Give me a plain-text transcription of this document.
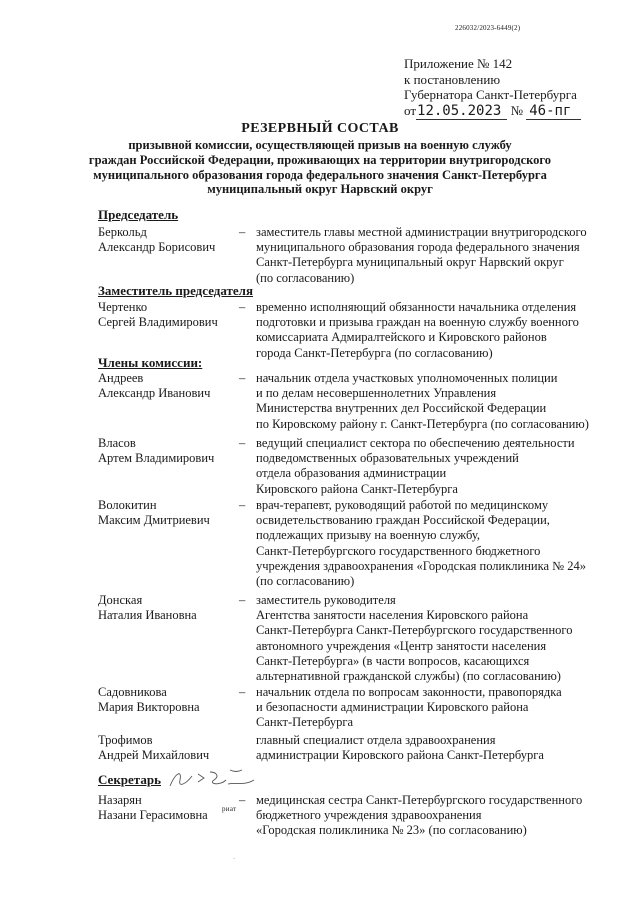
226032/2023-6449(2)
Приложение № 142
к постановлению
Губернатора Санкт-Петербурга
от12.05.2023 № 46-пг
РЕЗЕРВНЫЙ СОСТАВ
призывной комиссии, осуществляющей призыв на военную службу
граждан Российской Федерации, проживающих на территории внутригородского
муниципального образования города федерального значения Санкт-Петербурга
муниципальный округ Нарвский округ
Председатель
Беркольд
Александр Борисович
– заместитель главы местной администрации внутригородского
муниципального образования города федерального значения
Санкт-Петербурга муниципальный округ Нарвский округ
(по согласованию)
Заместитель председателя
Чертенко
Сергей Владимирович
– временно исполняющий обязанности начальника отделения
подготовки и призыва граждан на военную службу военного
комиссариата Адмиралтейского и Кировского районов
города Санкт-Петербурга (по согласованию)
Члены комиссии:
Андреев
Александр Иванович
– начальник отдела участковых уполномоченных полиции
и по делам несовершеннолетних Управления
Министерства внутренних дел Российской Федерации
по Кировскому району г. Санкт-Петербурга (по согласованию)
Власов
Артем Владимирович
– ведущий специалист сектора по обеспечению деятельности
подведомственных образовательных учреждений
отдела образования администрации
Кировского района Санкт-Петербурга
Волокитин
Максим Дмитриевич
– врач-терапевт, руководящий работой по медицинскому
освидетельствованию граждан Российской Федерации,
подлежащих призыву на военную службу,
Санкт-Петербургского государственного бюджетного
учреждения здравоохранения «Городская поликлиника № 24»
(по согласованию)
Донская
Наталия Ивановна
– заместитель руководителя
Агентства занятости населения Кировского района
Санкт-Петербурга Санкт-Петербургского государственного
автономного учреждения «Центр занятости населения
Санкт-Петербурга» (в части вопросов, касающихся
альтернативной гражданской службы) (по согласованию)
Садовникова
Мария Викторовна
– начальник отдела по вопросам законности, правопорядка
и безопасности администрации Кировского района
Санкт-Петербурга
Трофимов
Андрей Михайлович
главный специалист отдела здравоохранения
администрации Кировского района Санкт-Петербурга
Секретарь
Назарян
Назани Герасимовна
– медицинская сестра Санкт-Петербургского государственного
бюджетного учреждения здравоохранения
«Городская поликлиника № 23» (по согласованию)
риат
·
